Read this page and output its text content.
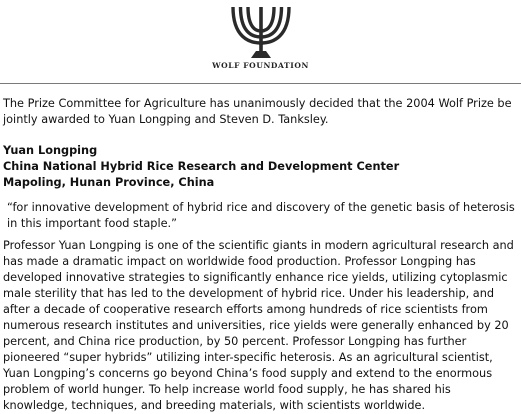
WOLF FOUNDATION

The Prize Committee for Agriculture has unanimously decided that the 2004 Wolf Prize be jointly awarded to Yuan Longping and Steven D. Tanksley.

Yuan Longping

China National Hybrid Rice Research and Development Center

Mapoling, Hunan Province, China

“for innovative development of hybrid rice and discovery of the genetic basis of heterosis in this important food staple.”

Professor Yuan Longping is one of the scientific giants in modern agricultural research and has made a dramatic impact on worldwide food production. Professor Longping has developed innovative strategies to significantly enhance rice yields, utilizing cytoplasmic male sterility that has led to the development of hybrid rice. Under his leadership, and after a decade of cooperative research efforts among hundreds of rice scientists from numerous research institutes and universities, rice yields were generally enhanced by 20 percent, and China rice production, by 50 percent. Professor Longping has further pioneered “super hybrids” utilizing inter-specific heterosis. As an agricultural scientist, Yuan Longping’s concerns go beyond China’s food supply and extend to the enormous problem of world hunger. To help increase world food supply, he has shared his knowledge, techniques, and breeding materials, with scientists worldwide.
